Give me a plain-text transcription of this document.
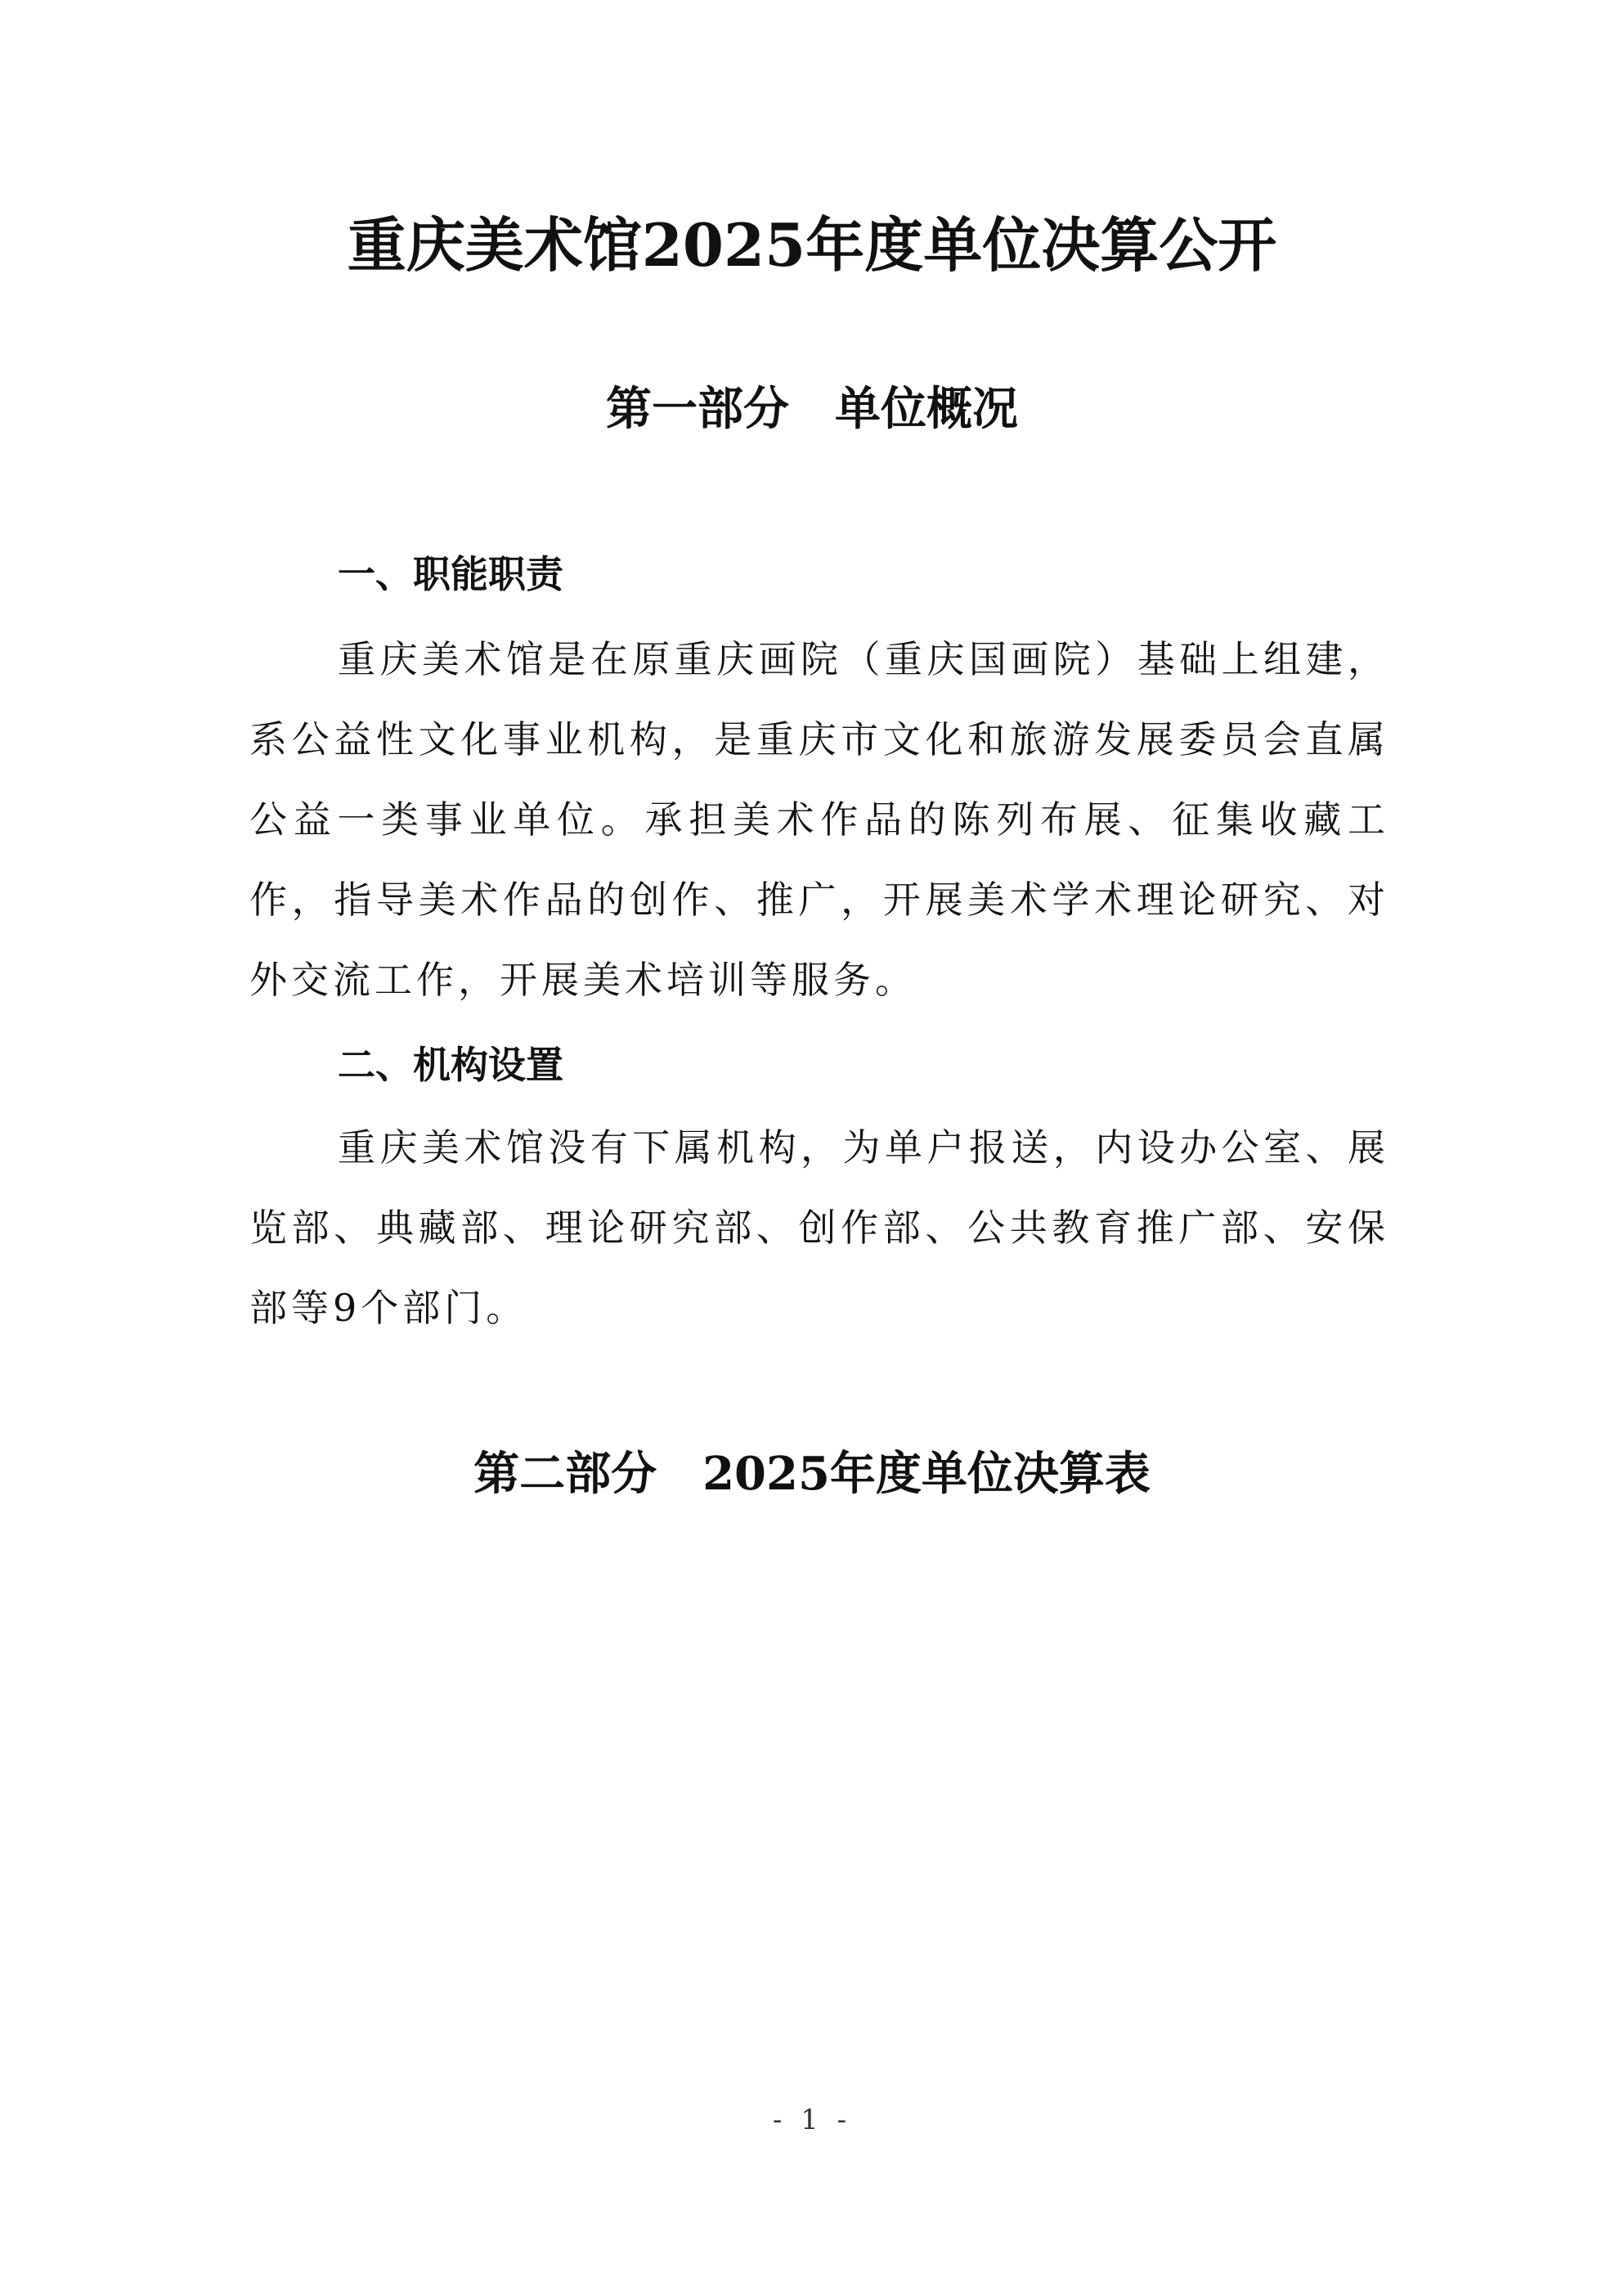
重庆美术馆2025年度单位决算公开
第一部分　单位概况
一、职能职责

重庆美术馆是在原重庆画院（重庆国画院）基础上组建，系公益性文化事业机构，是重庆市文化和旅游发展委员会直属公益一类事业单位。承担美术作品的陈列布展、征集收藏工作，指导美术作品的创作、推广，开展美术学术理论研究、对外交流工作，开展美术培训等服务。

二、机构设置

重庆美术馆没有下属机构，为单户报送，内设办公室、展览部、典藏部、理论研究部、创作部、公共教育推广部、安保部等9个部门。

第二部分　2025年度单位决算表
- 1 -
